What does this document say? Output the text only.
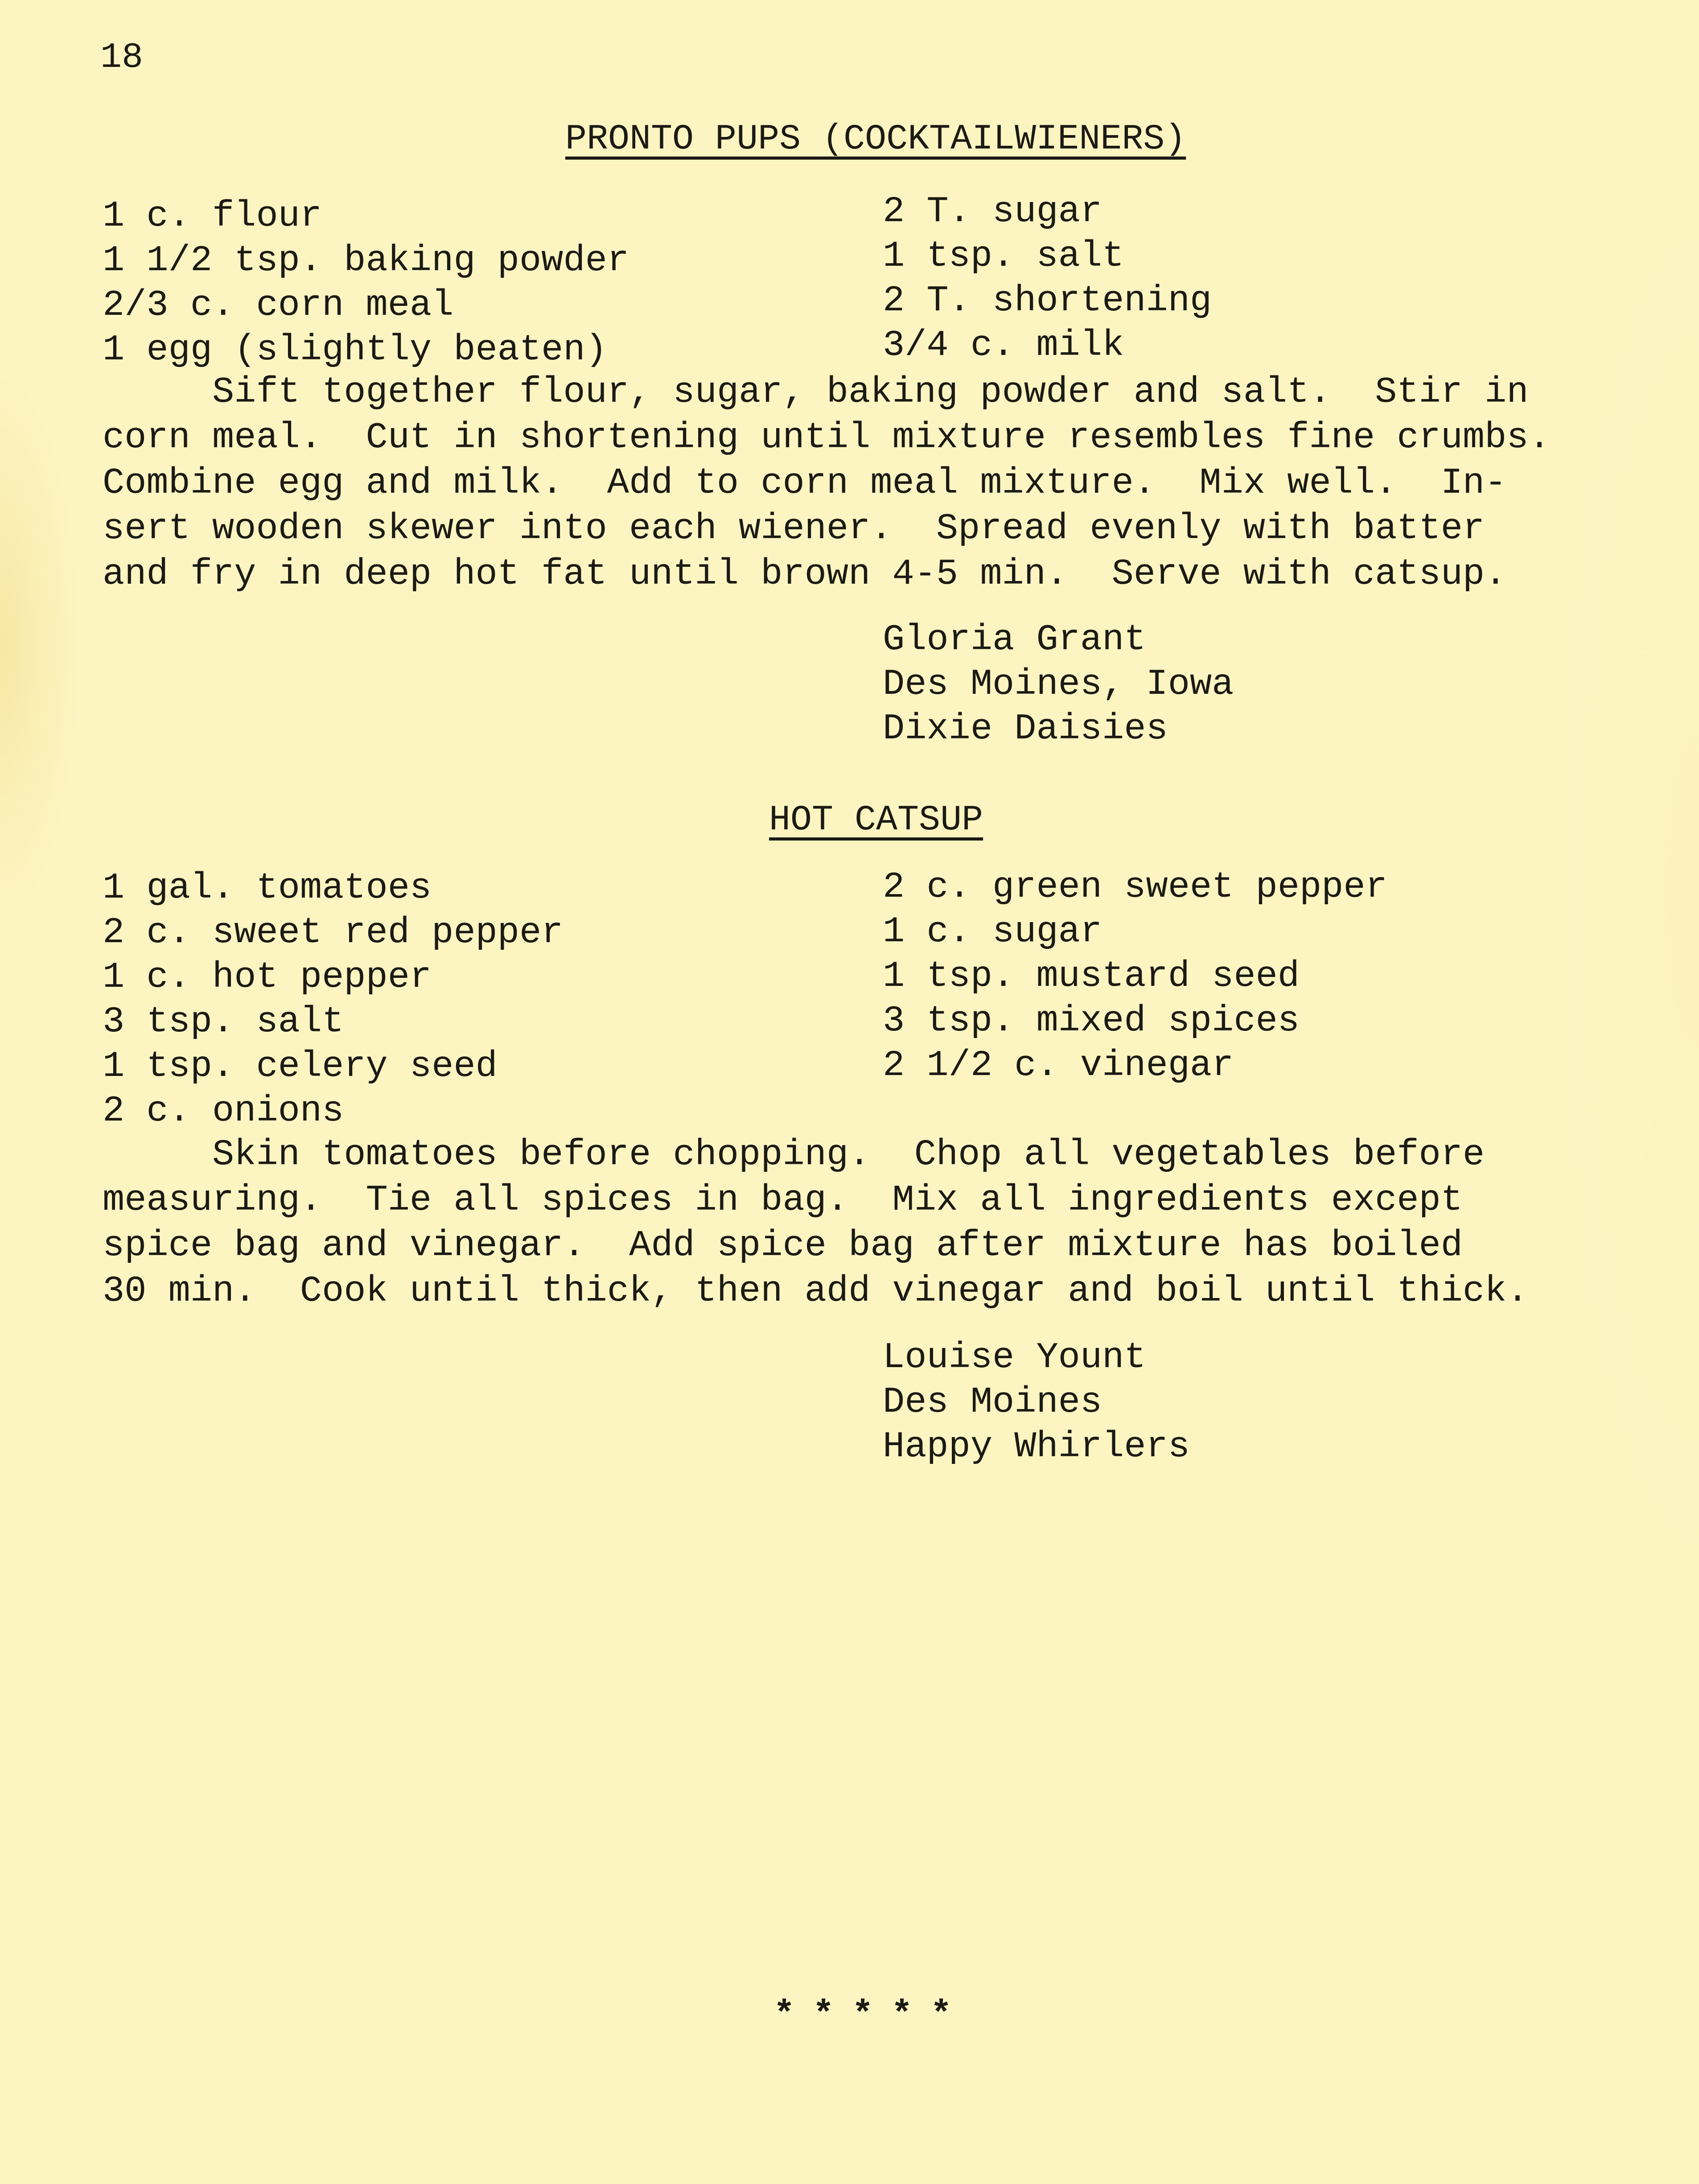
18
PRONTO PUPS (COCKTAILWIENERS)
1 c. flour
1 1/2 tsp. baking powder
2/3 c. corn meal
1 egg (slightly beaten)
2 T. sugar
1 tsp. salt
2 T. shortening
3/4 c. milk
Sift together flour, sugar, baking powder and salt.  Stir in
corn meal.  Cut in shortening until mixture resembles fine crumbs.
Combine egg and milk.  Add to corn meal mixture.  Mix well.  In-
sert wooden skewer into each wiener.  Spread evenly with batter
and fry in deep hot fat until brown 4-5 min.  Serve with catsup.
Gloria Grant
Des Moines, Iowa
Dixie Daisies
HOT CATSUP
1 gal. tomatoes
2 c. sweet red pepper
1 c. hot pepper
3 tsp. salt
1 tsp. celery seed
2 c. onions
2 c. green sweet pepper
1 c. sugar
1 tsp. mustard seed
3 tsp. mixed spices
2 1/2 c. vinegar
Skin tomatoes before chopping.  Chop all vegetables before
measuring.  Tie all spices in bag.  Mix all ingredients except
spice bag and vinegar.  Add spice bag after mixture has boiled
30 min.  Cook until thick, then add vinegar and boil until thick.
Louise Yount
Des Moines
Happy Whirlers
*****
